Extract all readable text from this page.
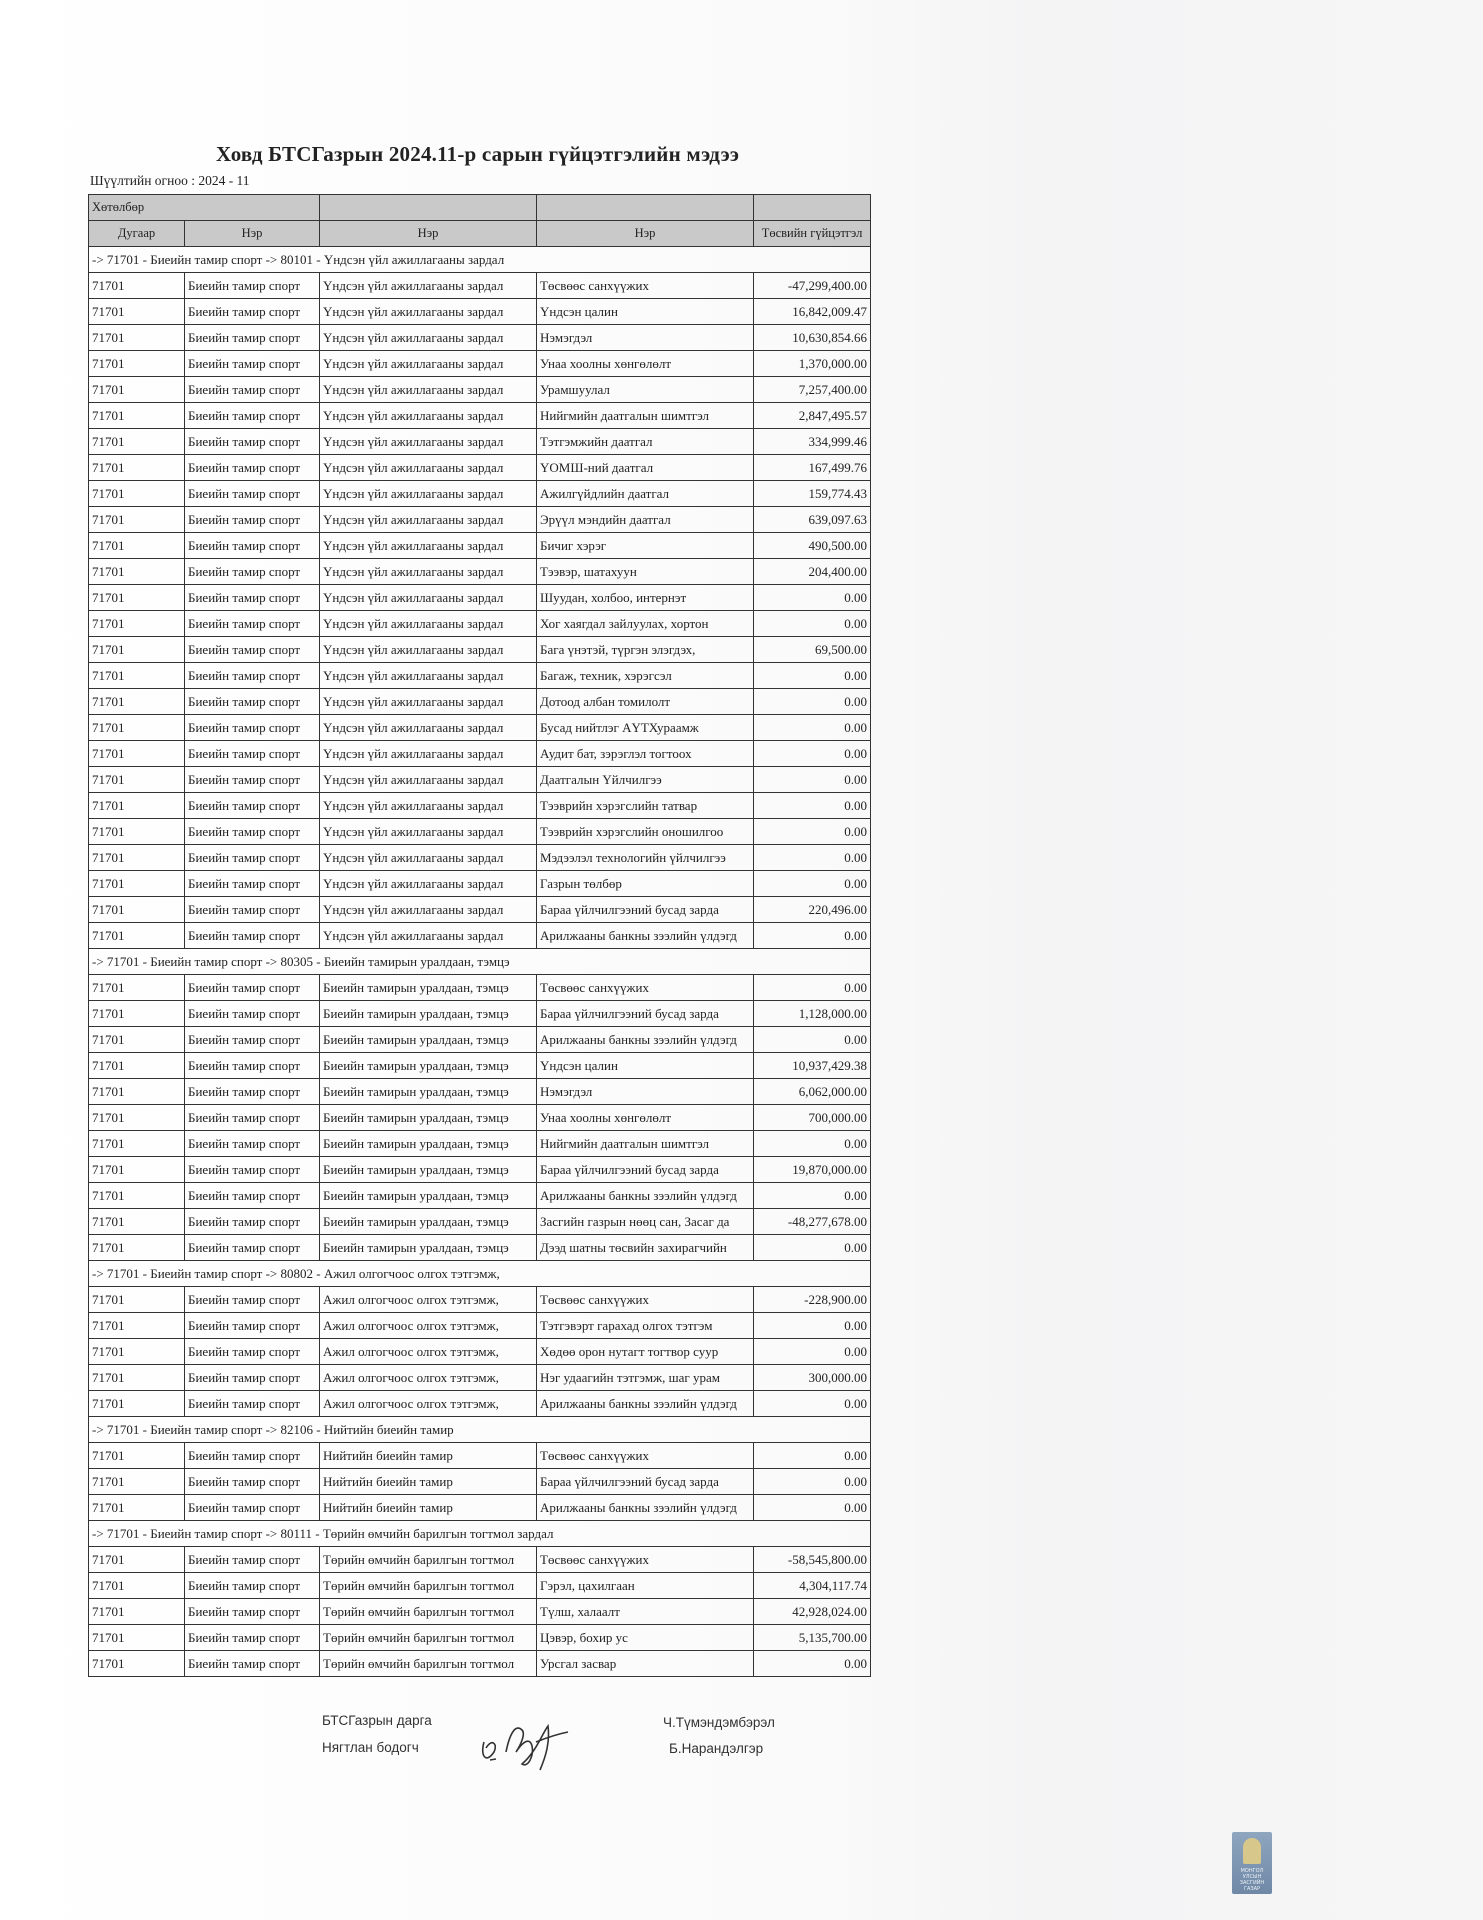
Ховд БТСГазрын 2024.11-р сарын гүйцэтгэлийн мэдээ
Шүүлтийн огноо : 2024 - 11
Хөтөлбөр				
Дугаар	Нэр	Нэр	Нэр	Төсвийн гүйцэтгэл
-> 71701 - Биеийн тамир спорт -> 80101 - Үндсэн үйл ажиллагааны зардал				
71701	Биеийн тамир спорт	Үндсэн үйл ажиллагааны зардал	Төсвөөс санхүүжих	-47,299,400.00
71701	Биеийн тамир спорт	Үндсэн үйл ажиллагааны зардал	Үндсэн цалин	16,842,009.47
71701	Биеийн тамир спорт	Үндсэн үйл ажиллагааны зардал	Нэмэгдэл	10,630,854.66
71701	Биеийн тамир спорт	Үндсэн үйл ажиллагааны зардал	Унаа хоолны хөнгөлөлт	1,370,000.00
71701	Биеийн тамир спорт	Үндсэн үйл ажиллагааны зардал	Урамшуулал	7,257,400.00
71701	Биеийн тамир спорт	Үндсэн үйл ажиллагааны зардал	Нийгмийн даатгалын шимтгэл	2,847,495.57
71701	Биеийн тамир спорт	Үндсэн үйл ажиллагааны зардал	Тэтгэмжийн даатгал	334,999.46
71701	Биеийн тамир спорт	Үндсэн үйл ажиллагааны зардал	ҮОМШ-ний даатгал	167,499.76
71701	Биеийн тамир спорт	Үндсэн үйл ажиллагааны зардал	Ажилгүйдлийн даатгал	159,774.43
71701	Биеийн тамир спорт	Үндсэн үйл ажиллагааны зардал	Эрүүл мэндийн даатгал	639,097.63
71701	Биеийн тамир спорт	Үндсэн үйл ажиллагааны зардал	Бичиг хэрэг	490,500.00
71701	Биеийн тамир спорт	Үндсэн үйл ажиллагааны зардал	Тээвэр, шатахуун	204,400.00
71701	Биеийн тамир спорт	Үндсэн үйл ажиллагааны зардал	Шуудан, холбоо, интернэт	0.00
71701	Биеийн тамир спорт	Үндсэн үйл ажиллагааны зардал	Хог хаягдал зайлуулах, хортон	0.00
71701	Биеийн тамир спорт	Үндсэн үйл ажиллагааны зардал	Бага үнэтэй, түргэн элэгдэх,	69,500.00
71701	Биеийн тамир спорт	Үндсэн үйл ажиллагааны зардал	Багаж, техник, хэрэгсэл	0.00
71701	Биеийн тамир спорт	Үндсэн үйл ажиллагааны зардал	Дотоод албан томилолт	0.00
71701	Биеийн тамир спорт	Үндсэн үйл ажиллагааны зардал	Бусад нийтлэг АҮТХураамж	0.00
71701	Биеийн тамир спорт	Үндсэн үйл ажиллагааны зардал	Аудит бат, зэрэглэл тогтоох	0.00
71701	Биеийн тамир спорт	Үндсэн үйл ажиллагааны зардал	Даатгалын Үйлчилгээ	0.00
71701	Биеийн тамир спорт	Үндсэн үйл ажиллагааны зардал	Тээврийн хэрэгслийн татвар	0.00
71701	Биеийн тамир спорт	Үндсэн үйл ажиллагааны зардал	Тээврийн хэрэгслийн оношилгоо	0.00
71701	Биеийн тамир спорт	Үндсэн үйл ажиллагааны зардал	Мэдээлэл технологийн үйлчилгээ	0.00
71701	Биеийн тамир спорт	Үндсэн үйл ажиллагааны зардал	Газрын төлбөр	0.00
71701	Биеийн тамир спорт	Үндсэн үйл ажиллагааны зардал	Бараа үйлчилгээний бусад зарда	220,496.00
71701	Биеийн тамир спорт	Үндсэн үйл ажиллагааны зардал	Арилжааны банкны зээлийн үлдэгд	0.00
-> 71701 - Биеийн тамир спорт -> 80305 - Биеийн тамирын уралдаан, тэмцэ				
71701	Биеийн тамир спорт	Биеийн тамирын уралдаан, тэмцэ	Төсвөөс санхүүжих	0.00
71701	Биеийн тамир спорт	Биеийн тамирын уралдаан, тэмцэ	Бараа үйлчилгээний бусад зарда	1,128,000.00
71701	Биеийн тамир спорт	Биеийн тамирын уралдаан, тэмцэ	Арилжааны банкны зээлийн үлдэгд	0.00
71701	Биеийн тамир спорт	Биеийн тамирын уралдаан, тэмцэ	Үндсэн цалин	10,937,429.38
71701	Биеийн тамир спорт	Биеийн тамирын уралдаан, тэмцэ	Нэмэгдэл	6,062,000.00
71701	Биеийн тамир спорт	Биеийн тамирын уралдаан, тэмцэ	Унаа хоолны хөнгөлөлт	700,000.00
71701	Биеийн тамир спорт	Биеийн тамирын уралдаан, тэмцэ	Нийгмийн даатгалын шимтгэл	0.00
71701	Биеийн тамир спорт	Биеийн тамирын уралдаан, тэмцэ	Бараа үйлчилгээний бусад зарда	19,870,000.00
71701	Биеийн тамир спорт	Биеийн тамирын уралдаан, тэмцэ	Арилжааны банкны зээлийн үлдэгд	0.00
71701	Биеийн тамир спорт	Биеийн тамирын уралдаан, тэмцэ	Засгийн газрын нөөц сан, Засаг да	-48,277,678.00
71701	Биеийн тамир спорт	Биеийн тамирын уралдаан, тэмцэ	Дээд шатны төсвийн захирагчийн	0.00
-> 71701 - Биеийн тамир спорт -> 80802 - Ажил олгогчоос олгох тэтгэмж,				
71701	Биеийн тамир спорт	Ажил олгогчоос олгох тэтгэмж,	Төсвөөс санхүүжих	-228,900.00
71701	Биеийн тамир спорт	Ажил олгогчоос олгох тэтгэмж,	Тэтгэвэрт гарахад олгох тэтгэм	0.00
71701	Биеийн тамир спорт	Ажил олгогчоос олгох тэтгэмж,	Хөдөө орон нутагт тогтвор суур	0.00
71701	Биеийн тамир спорт	Ажил олгогчоос олгох тэтгэмж,	Нэг удаагийн тэтгэмж, шаг урам	300,000.00
71701	Биеийн тамир спорт	Ажил олгогчоос олгох тэтгэмж,	Арилжааны банкны зээлийн үлдэгд	0.00
-> 71701 - Биеийн тамир спорт -> 82106 - Нийтийн биеийн тамир				
71701	Биеийн тамир спорт	Нийтийн биеийн тамир	Төсвөөс санхүүжих	0.00
71701	Биеийн тамир спорт	Нийтийн биеийн тамир	Бараа үйлчилгээний бусад зарда	0.00
71701	Биеийн тамир спорт	Нийтийн биеийн тамир	Арилжааны банкны зээлийн үлдэгд	0.00
-> 71701 - Биеийн тамир спорт -> 80111 - Төрийн өмчийн барилгын тогтмол зардал				
71701	Биеийн тамир спорт	Төрийн өмчийн барилгын тогтмол	Төсвөөс санхүүжих	-58,545,800.00
71701	Биеийн тамир спорт	Төрийн өмчийн барилгын тогтмол	Гэрэл, цахилгаан	4,304,117.74
71701	Биеийн тамир спорт	Төрийн өмчийн барилгын тогтмол	Түлш, халаалт	42,928,024.00
71701	Биеийн тамир спорт	Төрийн өмчийн барилгын тогтмол	Цэвэр, бохир ус	5,135,700.00
71701	Биеийн тамир спорт	Төрийн өмчийн барилгын тогтмол	Урсгал засвар	0.00
БТСГазрын дарга
Нягтлан бодогч
Ч.Түмэндэмбэрэл
Б.Нарандэлгэр
МОНГОЛ УЛСЫН ЗАСГИЙН ГАЗАР
